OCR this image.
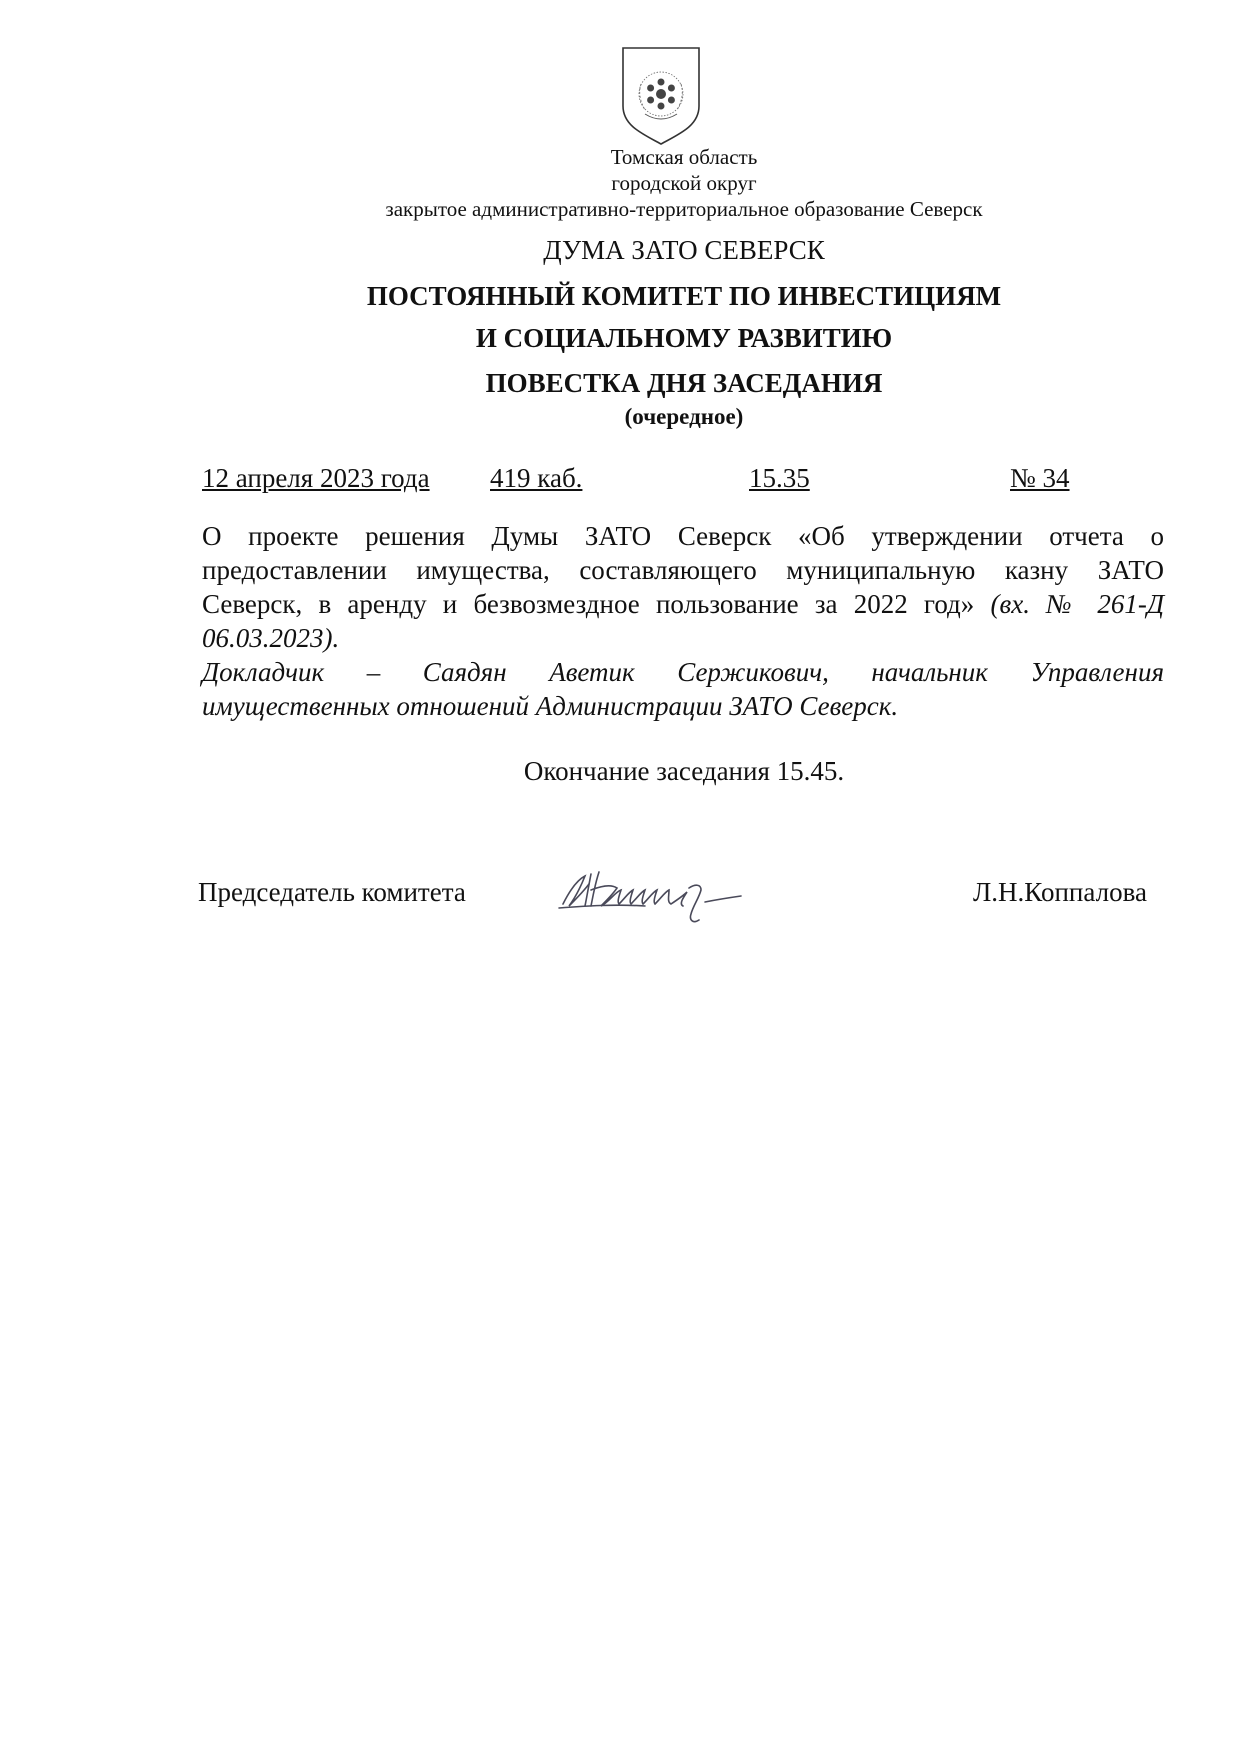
Томская область
городской округ
закрытое административно-территориальное образование Северск
ДУМА ЗАТО СЕВЕРСК
ПОСТОЯННЫЙ КОМИТЕТ ПО ИНВЕСТИЦИЯМ
И СОЦИАЛЬНОМУ РАЗВИТИЮ
ПОВЕСТКА ДНЯ ЗАСЕДАНИЯ
(очередное)
12 апреля 2023 года 419 каб.	15.35	№ 34
О проекте решения Думы ЗАТО Северск «Об утверждении отчета о
предоставлении имущества, составляющего муниципальную казну ЗАТО
Северск, в аренду и безвозмездное пользование за 2022 год» (вх. № 261-Д
06.03.2023).
Докладчик – Саядян Аветик Сержикович, начальник Управления
имущественных отношений Администрации ЗАТО Северск.
Окончание заседания 15.45.
Председатель комитета	Л.Н.Коппалова
